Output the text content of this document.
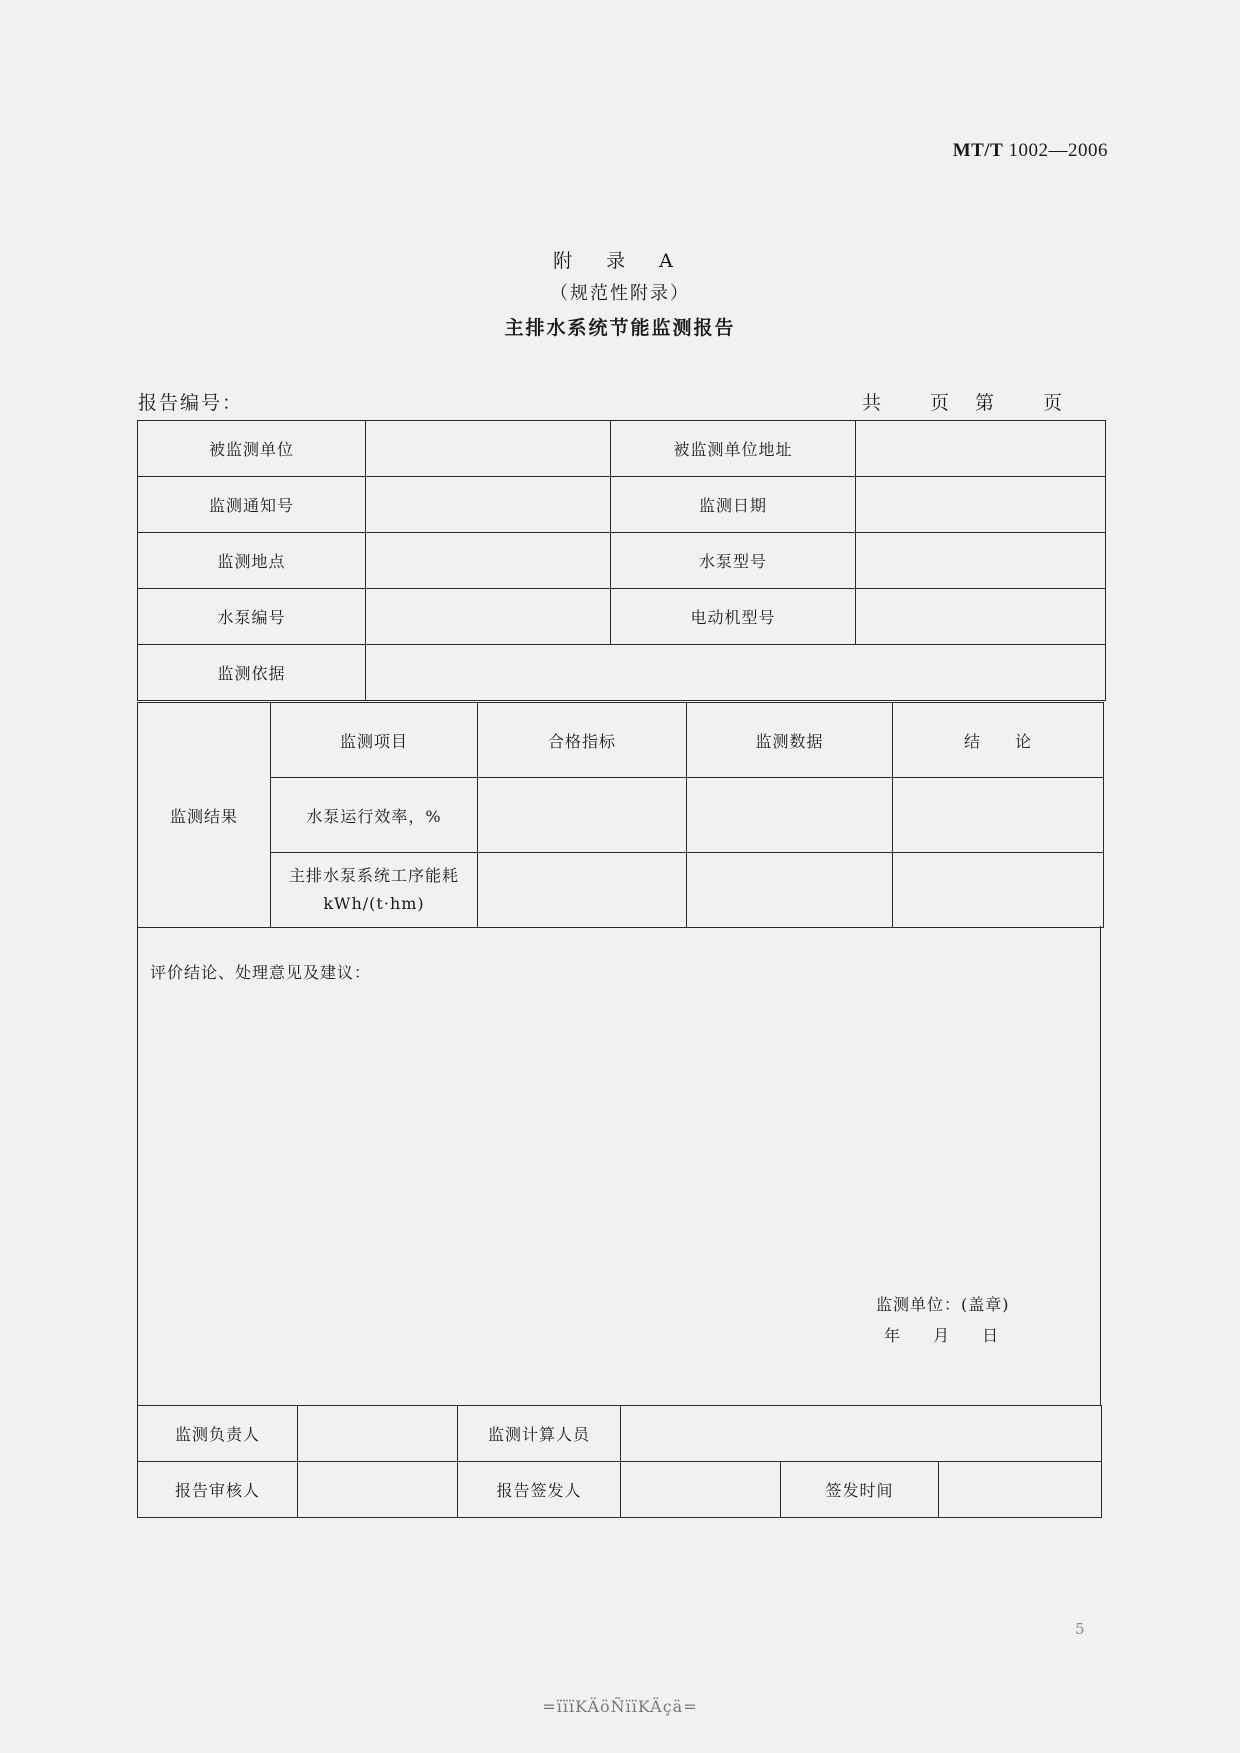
MT/T 1002—2006
附 录 A
（规范性附录）
主排水系统节能监测报告
报告编号：	共	页 第	页
被监测单位		被监测单位地址	
监测通知号		监测日期	
监测地点		水泵型号	
水泵编号		电动机型号	
监测依据			
监测结果	监测项目	合格指标	监测数据	结　　论
	水泵运行效率，%			
	主排水泵系统工序能耗
kWh/(t·hm)			
评价结论、处理意见及建议：
监测单位：(盖章)
年 月 日
监测负责人		监测计算人员			
报告审核人		报告签发人		签发时间	
5
=ïïïKÄöÑïïKÄçä=
